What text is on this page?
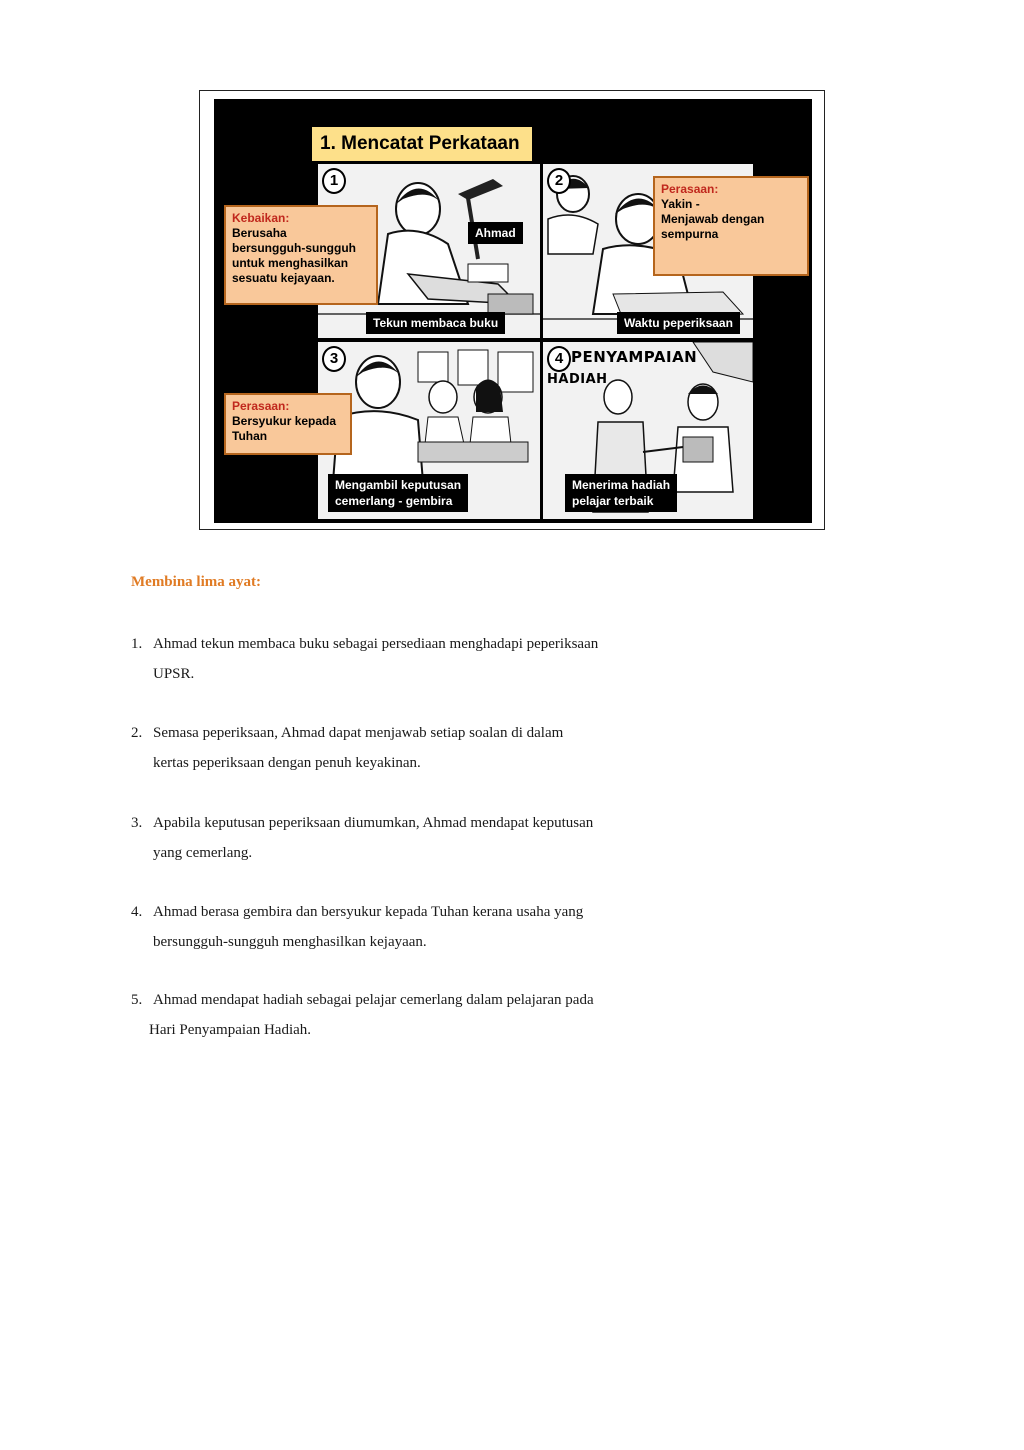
1. Mencatat Perkataan
1
Ahmad
Tekun membaca buku
2
Waktu peperiksaan
3
Mengambil keputusan
cemerlang - gembira
4 PENYAMPAIAN
HADIAH
Menerima hadiah
pelajar terbaik
Kebaikan:
Berusaha
bersungguh-sungguh
untuk menghasilkan
sesuatu kejayaan.
Perasaan:
Yakin -
Menjawab dengan
sempurna
Perasaan:
Bersyukur kepada
Tuhan
Membina lima ayat:
1. Ahmad tekun membaca buku sebagai persediaan menghadapi peperiksaan
UPSR.
2. Semasa peperiksaan, Ahmad dapat menjawab setiap soalan di dalam
kertas peperiksaan dengan penuh keyakinan.
3. Apabila keputusan peperiksaan diumumkan, Ahmad mendapat keputusan
yang cemerlang.
4. Ahmad berasa gembira dan bersyukur kepada Tuhan kerana usaha yang
bersungguh-sungguh menghasilkan kejayaan.
5. Ahmad mendapat hadiah sebagai pelajar cemerlang dalam pelajaran pada
Hari Penyampaian Hadiah.
